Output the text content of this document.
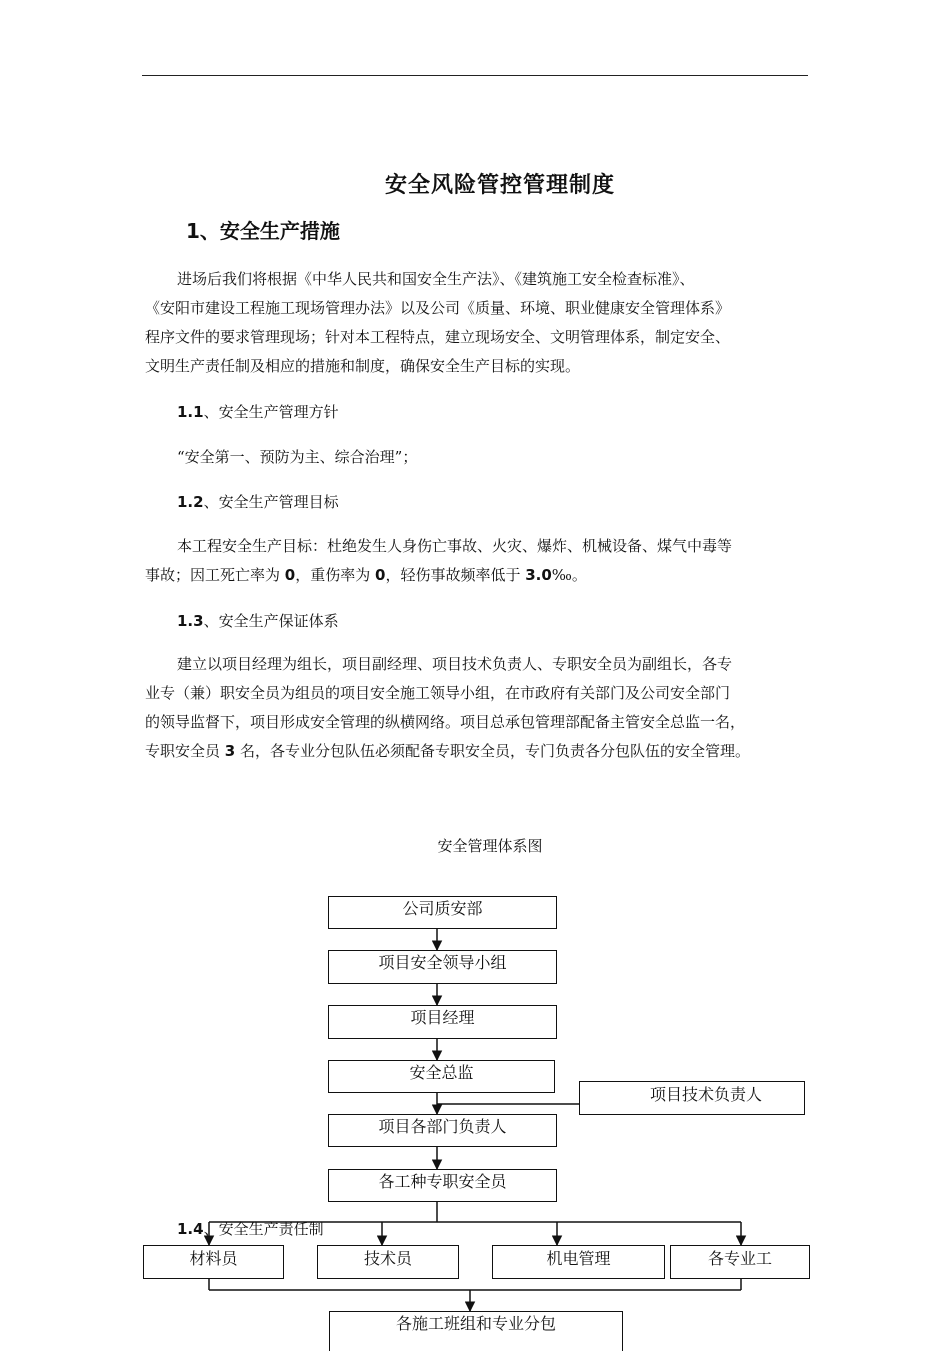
安全风险管控管理制度
1、安全生产措施

进场后我们将根据《中华人民共和国安全生产法》、《建筑施工安全检查标准》、
《安阳市建设工程施工现场管理办法》以及公司《质量、环境、职业健康安全管理体系》
程序文件的要求管理现场；针对本工程特点，建立现场安全、文明管理体系，制定安全、
文明生产责任制及相应的措施和制度，确保安全生产目标的实现。

1.1、安全生产管理方针
“安全第一、预防为主、综合治理”；
1.2、安全生产管理目标

本工程安全生产目标：杜绝发生人身伤亡事故、火灾、爆炸、机械设备、煤气中毒等
事故；因工死亡率为 0，重伤率为 0，轻伤事故频率低于 3.0‰。

1.3、安全生产保证体系

建立以项目经理为组长，项目副经理、项目技术负责人、专职安全员为副组长，各专
业专（兼）职安全员为组员的项目安全施工领导小组，在市政府有关部门及公司安全部门
的领导监督下，项目形成安全管理的纵横网络。项目总承包管理部配备主管安全总监一名，
专职安全员 3 名，各专业分包队伍必须配备专职安全员，专门负责各分包队伍的安全管理。

安全管理体系图
公司质安部
项目安全领导小组
项目经理
安全总监
项目技术负责人
项目各部门负责人
各工种专职安全员
1.4、安全生产责任制
材料员	技术员	机电管理	各专业工
各施工班组和专业分包
